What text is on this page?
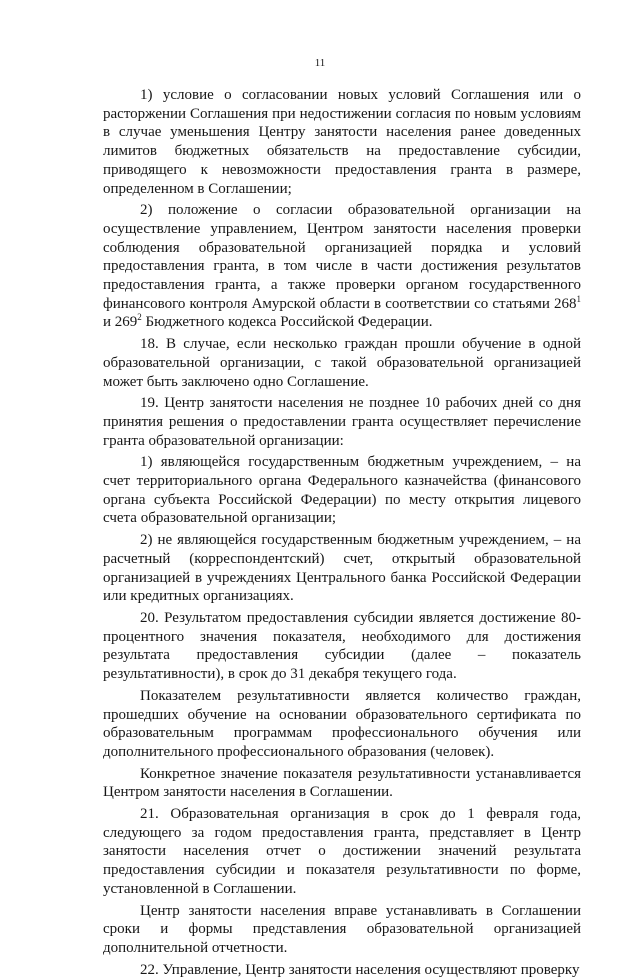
11

1) условие о согласовании новых условий Соглашения или о расторжении Соглашения при недостижении согласия по новым условиям в случае уменьшения Центру занятости населения ранее доведенных лимитов бюджетных обязательств на предоставление субсидии, приводящего к невозможности предоставления гранта в размере, определенном в Соглашении;

2) положение о согласии образовательной организации на осуществление управлением, Центром занятости населения проверки соблюдения образовательной организацией порядка и условий предоставления гранта, в том числе в части достижения результатов предоставления гранта, а также проверки органом государственного финансового контроля Амурской области в соответствии со статьями $268^1$ и $269^2$ Бюджетного кодекса Российской Федерации.

18. В случае, если несколько граждан прошли обучение в одной образовательной организации, с такой образовательной организацией может быть заключено одно Соглашение.

19. Центр занятости населения не позднее 10 рабочих дней со дня принятия решения о предоставлении гранта осуществляет перечисление гранта образовательной организации:

1) являющейся государственным бюджетным учреждением, – на счет территориального органа Федерального казначейства (финансового органа субъекта Российской Федерации) по месту открытия лицевого счета образовательной организации;

2) не являющейся государственным бюджетным учреждением, – на расчетный (корреспондентский) счет, открытый образовательной организацией в учреждениях Центрального банка Российской Федерации или кредитных организациях.

20. Результатом предоставления субсидии является достижение 80-процентного значения показателя, необходимого для достижения результата предоставления субсидии (далее – показатель результативности), в срок до 31 декабря текущего года.

Показателем результативности является количество граждан, прошедших обучение на основании образовательного сертификата по образовательным программам профессионального обучения или дополнительного профессионального образования (человек).

Конкретное значение показателя результативности устанавливается Центром занятости населения в Соглашении.

21. Образовательная организация в срок до 1 февраля года, следующего за годом предоставления гранта, представляет в Центр занятости населения отчет о достижении значений результата предоставления субсидии и показателя результативности по форме, установленной в Соглашении.

Центр занятости населения вправе устанавливать в Соглашении сроки и формы представления образовательной организацией дополнительной отчетности.

22. Управление, Центр занятости населения осуществляют проверку
